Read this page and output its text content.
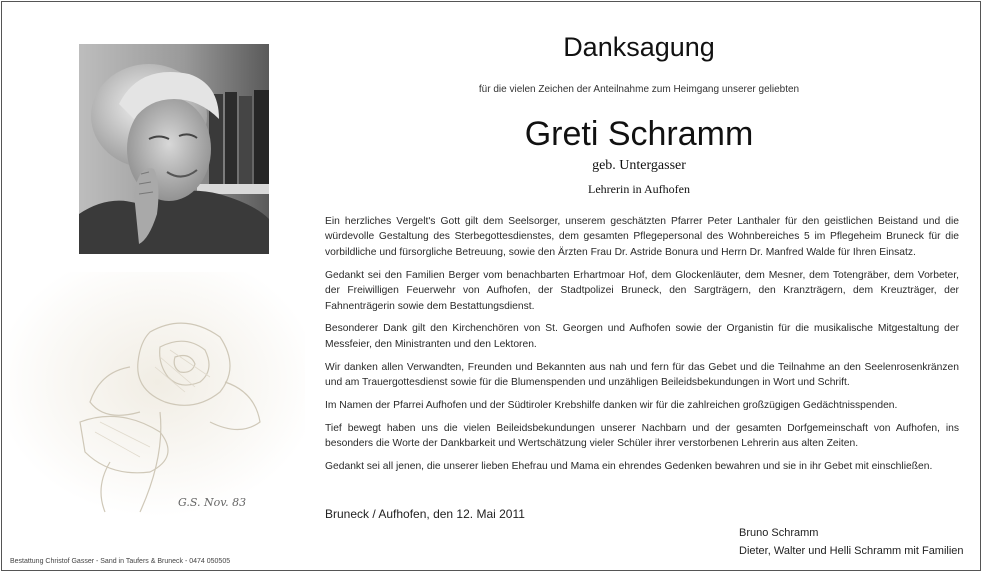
G.S. Nov. 83
Bestattung Christof Gasser - Sand in Taufers & Bruneck - 0474 050505
Danksagung
für die vielen Zeichen der Anteilnahme zum Heimgang unserer geliebten
Greti Schramm
geb. Untergasser
Lehrerin in Aufhofen

Ein herzliches Vergelt's Gott gilt dem Seelsorger, unserem geschätzten Pfarrer Peter Lanthaler für den geistlichen Beistand und die würdevolle Gestaltung des Sterbegottesdienstes, dem gesamten Pflegepersonal des Wohnbereiches 5 im Pflegeheim Bruneck für die vorbildliche und fürsorgliche Betreuung, sowie den Ärzten Frau Dr. Astride Bonura und Herrn Dr. Manfred Walde für Ihren Einsatz.

Gedankt sei den Familien Berger vom benachbarten Erhartmoar Hof, dem Glockenläuter, dem Mesner, dem Totengräber, dem Vorbeter, der Freiwilligen Feuerwehr von Aufhofen, der Stadtpolizei Bruneck, den Sargträgern, den Kranzträgern, dem Kreuzträger, der Fahnenträgerin sowie dem Bestattungsdienst.

Besonderer Dank gilt den Kirchenchören von St. Georgen und Aufhofen sowie der Organistin für die musikalische Mitgestaltung der Messfeier, den Ministranten und den Lektoren.

Wir danken allen Verwandten, Freunden und Bekannten aus nah und fern für das Gebet und die Teilnahme an den Seelenrosenkränzen und am Trauergottesdienst sowie für die Blumenspenden und unzähligen Beileidsbekundungen in Wort und Schrift.

Im Namen der Pfarrei Aufhofen und der Südtiroler Krebshilfe danken wir für die zahlreichen großzügigen Gedächtnisspenden.

Tief bewegt haben uns die vielen Beileidsbekundungen unserer Nachbarn und der gesamten Dorfgemeinschaft von Aufhofen, ins besonders die Worte der Dankbarkeit und Wertschätzung vieler Schüler ihrer verstorbenen Lehrerin aus alten Zeiten.

Gedankt sei all jenen, die unserer lieben Ehefrau und Mama ein ehrendes Gedenken bewahren und sie in ihr Gebet mit einschließen.

Bruneck / Aufhofen, den 12. Mai 2011
Bruno Schramm
Dieter, Walter und Helli Schramm mit Familien
